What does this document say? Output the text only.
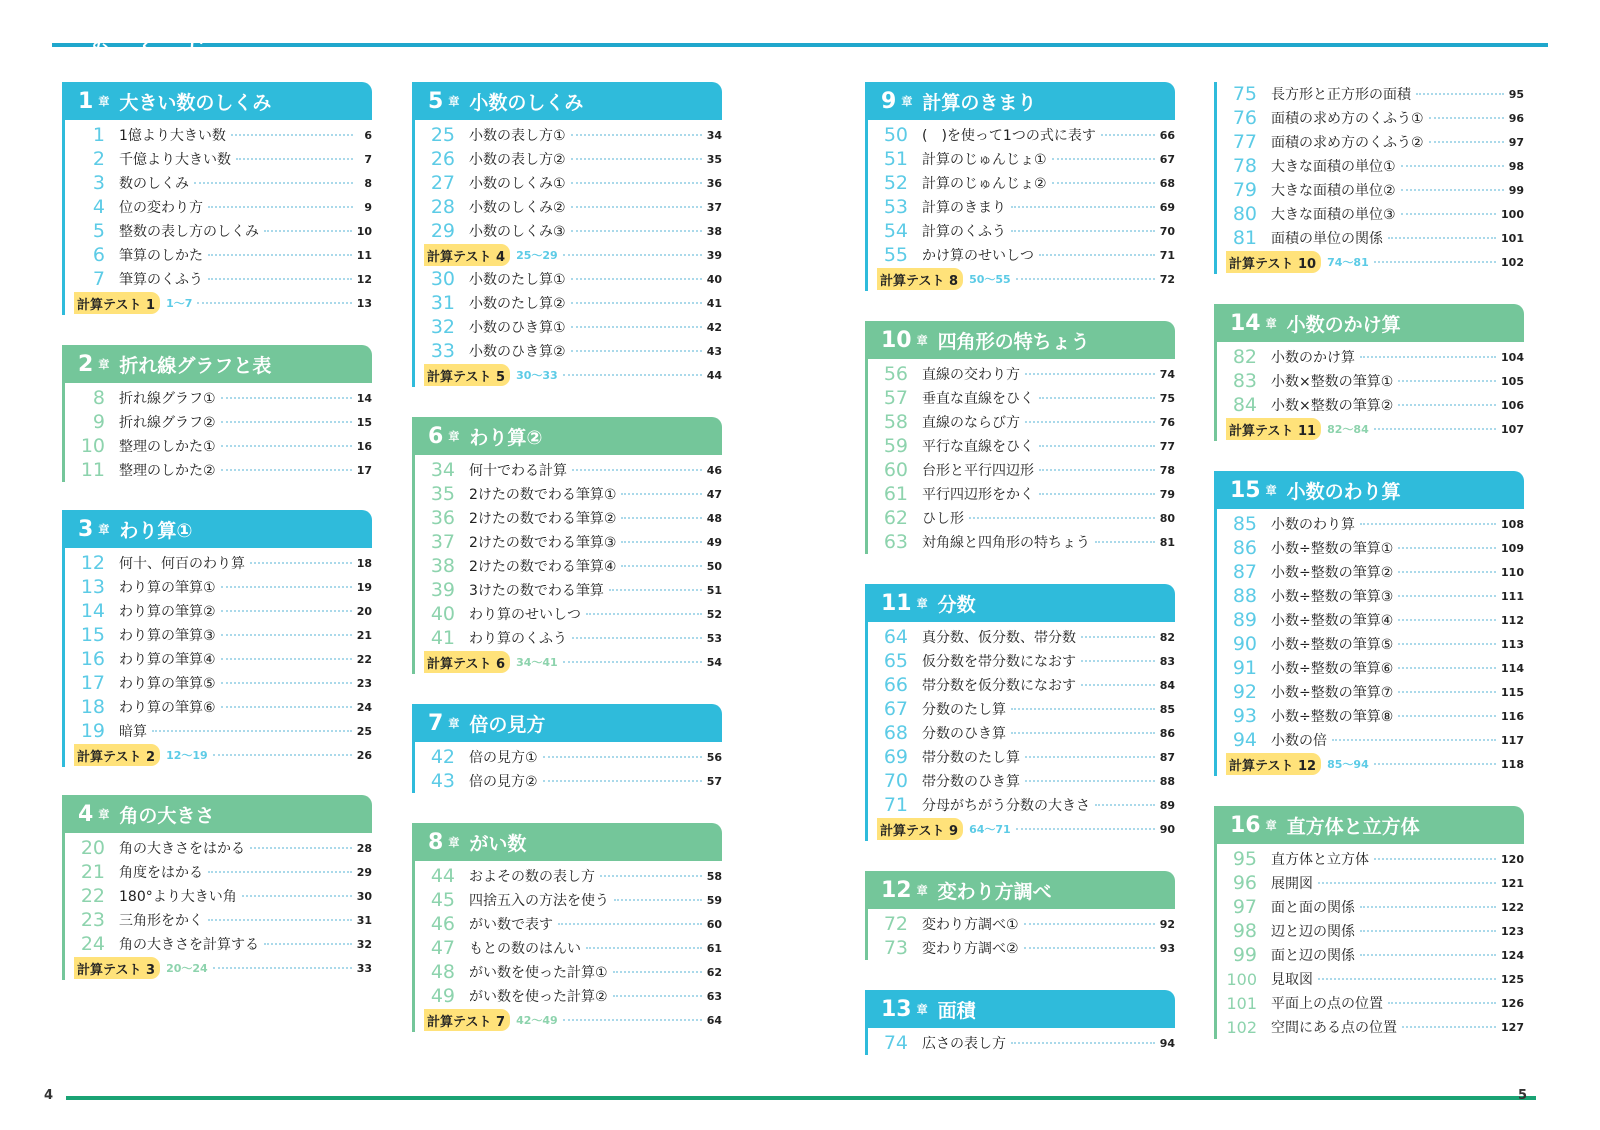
も く じ
1 章 大きい数のしくみ
1 1億より大きい数	6
2 千億より大きい数	7
3 数のしくみ	8
4 位の変わり方	9
5 整数の表し方のしくみ	10
6 筆算のしかた	11
7 筆算のくふう	12
計算テスト 1	1〜7	13
2 章 折れ線グラフと表
8 折れ線グラフ①	14
9 折れ線グラフ②	15
10 整理のしかた①	16
11 整理のしかた②	17
3 章 わり算①
12 何十、何百のわり算	18
13 わり算の筆算①	19
14 わり算の筆算②	20
15 わり算の筆算③	21
16 わり算の筆算④	22
17 わり算の筆算⑤	23
18 わり算の筆算⑥	24
19 暗算	25
計算テスト 2	12〜19	26
4 章 角の大きさ
20 角の大きさをはかる	28
21 角度をはかる	29
22 180°より大きい角	30
23 三角形をかく	31
24 角の大きさを計算する	32
計算テスト 3	20〜24	33
5 章 小数のしくみ
25 小数の表し方①	34
26 小数の表し方②	35
27 小数のしくみ①	36
28 小数のしくみ②	37
29 小数のしくみ③	38
計算テスト 4	25〜29	39
30 小数のたし算①	40
31 小数のたし算②	41
32 小数のひき算①	42
33 小数のひき算②	43
計算テスト 5	30〜33	44
6 章 わり算②
34 何十でわる計算	46
35 2けたの数でわる筆算①	47
36 2けたの数でわる筆算②	48
37 2けたの数でわる筆算③	49
38 2けたの数でわる筆算④	50
39 3けたの数でわる筆算	51
40 わり算のせいしつ	52
41 わり算のくふう	53
計算テスト 6	34〜41	54
7 章 倍の見方
42 倍の見方①	56
43 倍の見方②	57
8 章 がい数
44 およその数の表し方	58
45 四捨五入の方法を使う	59
46 がい数で表す	60
47 もとの数のはんい	61
48 がい数を使った計算①	62
49 がい数を使った計算②	63
計算テスト 7	42〜49	64
9 章 計算のきまり
50 (　)を使って1つの式に表す	66
51 計算のじゅんじょ①	67
52 計算のじゅんじょ②	68
53 計算のきまり	69
54 計算のくふう	70
55 かけ算のせいしつ	71
計算テスト 8	50〜55	72
10 章 四角形の特ちょう
56 直線の交わり方	74
57 垂直な直線をひく	75
58 直線のならび方	76
59 平行な直線をひく	77
60 台形と平行四辺形	78
61 平行四辺形をかく	79
62 ひし形	80
63 対角線と四角形の特ちょう	81
11 章 分数
64 真分数、仮分数、帯分数	82
65 仮分数を帯分数になおす	83
66 帯分数を仮分数になおす	84
67 分数のたし算	85
68 分数のひき算	86
69 帯分数のたし算	87
70 帯分数のひき算	88
71 分母がちがう分数の大きさ	89
計算テスト 9	64〜71	90
12 章 変わり方調べ
72 変わり方調べ①	92
73 変わり方調べ②	93
13 章 面積
74 広さの表し方	94
75 長方形と正方形の面積	95
76 面積の求め方のくふう①	96
77 面積の求め方のくふう②	97
78 大きな面積の単位①	98
79 大きな面積の単位②	99
80 大きな面積の単位③	100
81 面積の単位の関係	101
計算テスト 10	74〜81	102
14 章 小数のかけ算
82 小数のかけ算	104
83 小数×整数の筆算①	105
84 小数×整数の筆算②	106
計算テスト 11	82〜84	107
15 章 小数のわり算
85 小数のわり算	108
86 小数÷整数の筆算①	109
87 小数÷整数の筆算②	110
88 小数÷整数の筆算③	111
89 小数÷整数の筆算④	112
90 小数÷整数の筆算⑤	113
91 小数÷整数の筆算⑥	114
92 小数÷整数の筆算⑦	115
93 小数÷整数の筆算⑧	116
94 小数の倍	117
計算テスト 12	85〜94	118
16 章 直方体と立方体
95 直方体と立方体	120
96 展開図	121
97 面と面の関係	122
98 辺と辺の関係	123
99 面と辺の関係	124
100 見取図	125
101 平面上の点の位置	126
102 空間にある点の位置	127
4	5
